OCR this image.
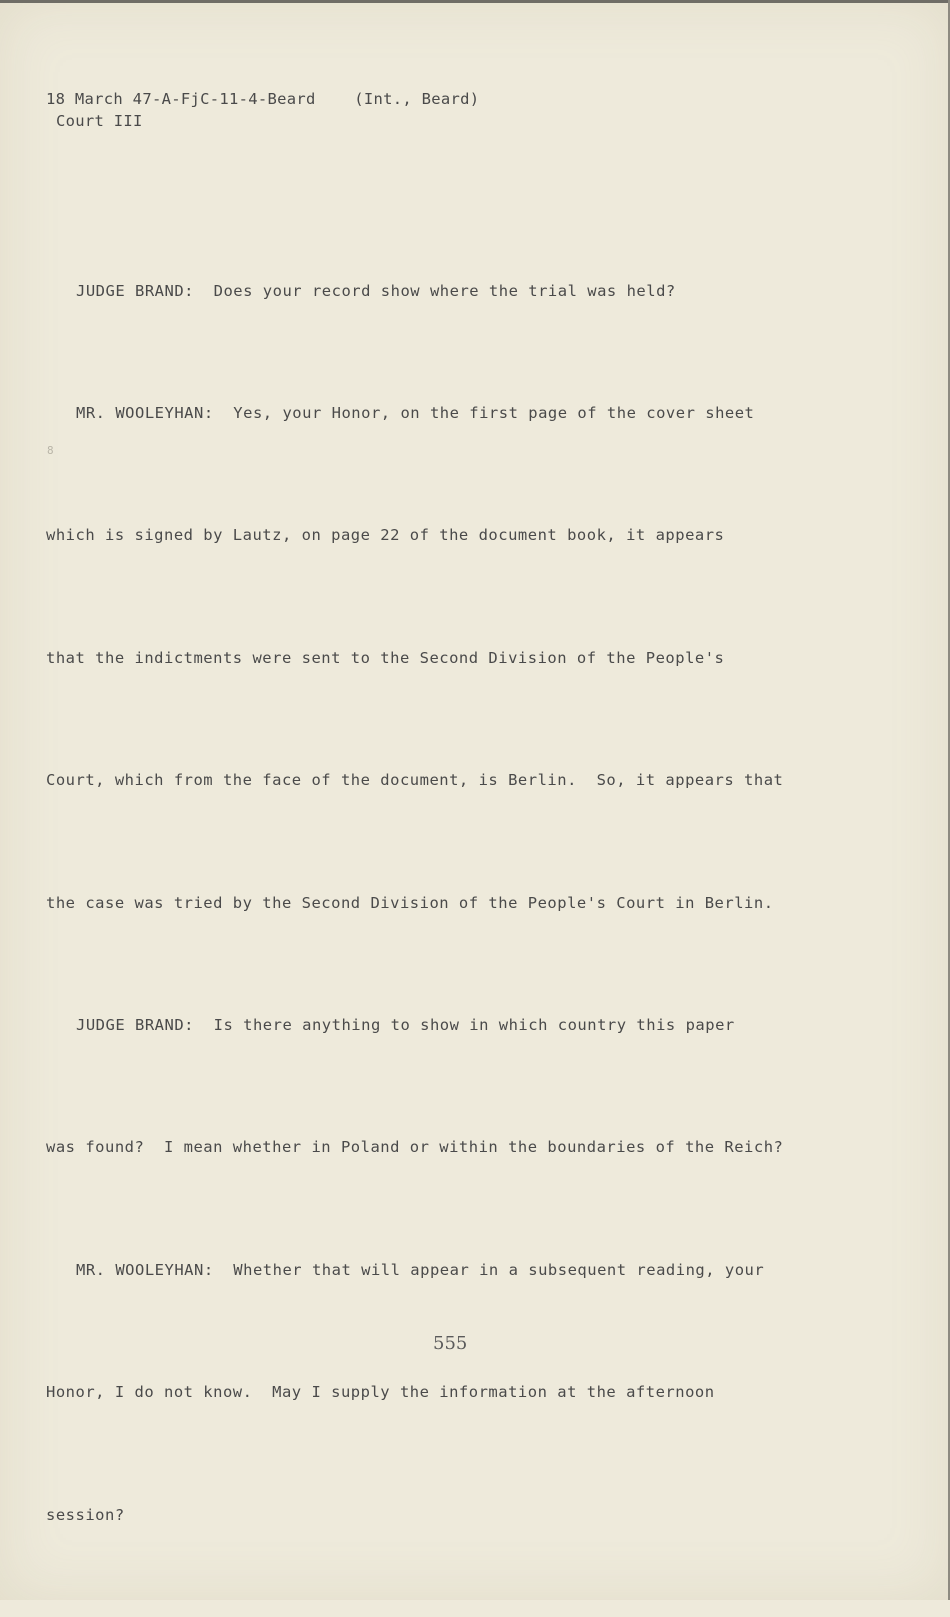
18 March 47-A-FjC-11-4-Beard    (Int., Beard)
Court III
8

JUDGE BRAND:  Does your record show where the trial was held?

MR. WOOLEYHAN:  Yes, your Honor, on the first page of the cover sheet

which is signed by Lautz, on page 22 of the document book, it appears

that the indictments were sent to the Second Division of the People's

Court, which from the face of the document, is Berlin.  So, it appears that

the case was tried by the Second Division of the People's Court in Berlin.

JUDGE BRAND:  Is there anything to show in which country this paper

was found?  I mean whether in Poland or within the boundaries of the Reich?

MR. WOOLEYHAN:  Whether that will appear in a subsequent reading, your

Honor, I do not know.  May I supply the information at the afternoon

session?

555
